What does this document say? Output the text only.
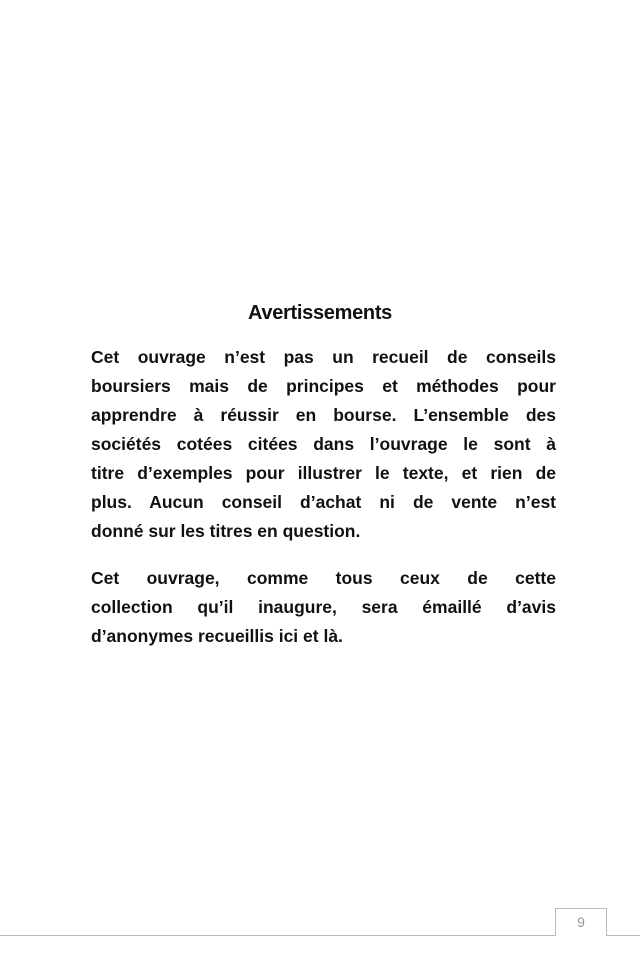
Avertissements
Cet ouvrage n’est pas un recueil de conseils
boursiers mais de principes et méthodes pour
apprendre à réussir en bourse. L’ensemble des
sociétés cotées citées dans l’ouvrage le sont à
titre d’exemples pour illustrer le texte, et rien de
plus. Aucun conseil d’achat ni de vente n’est
donné sur les titres en question.
Cet ouvrage, comme tous ceux de cette
collection qu’il inaugure, sera émaillé d’avis
d’anonymes recueillis ici et là.
9
